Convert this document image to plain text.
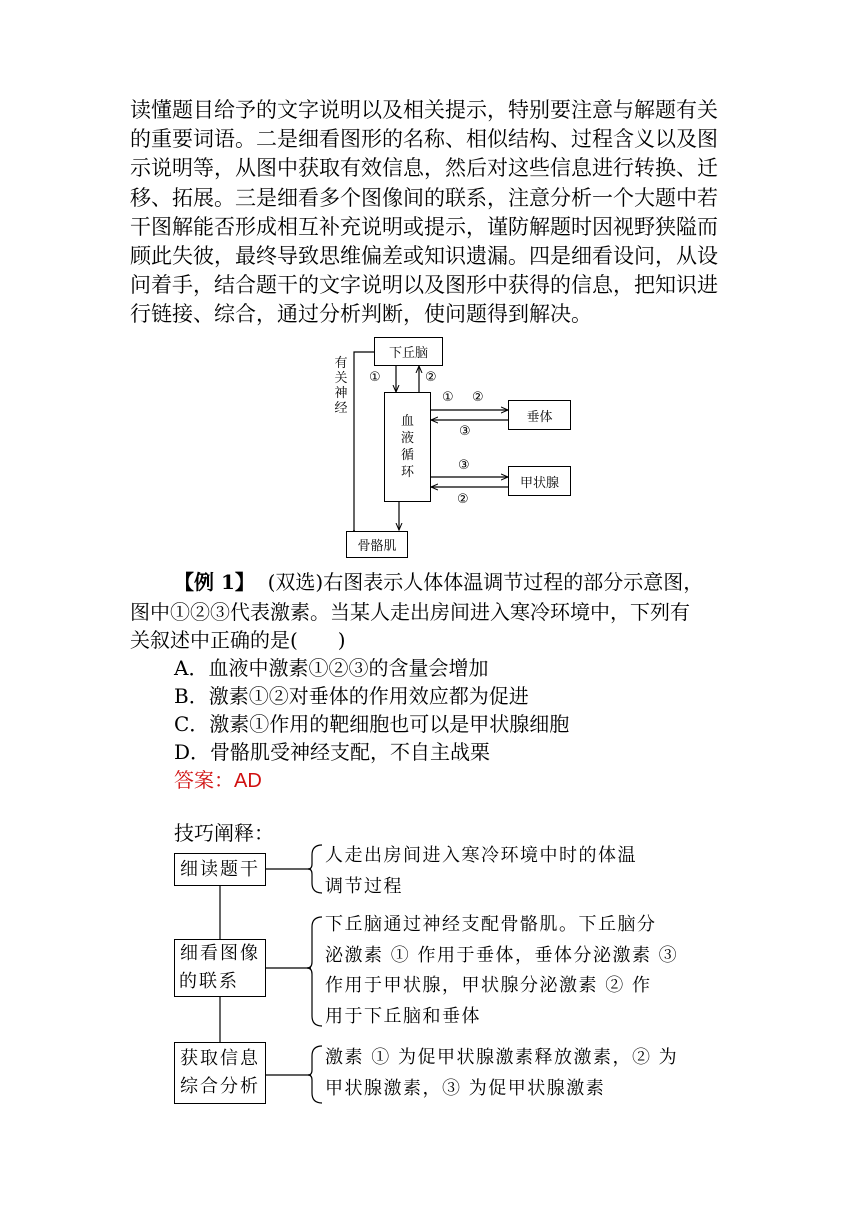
读懂题目给予的文字说明以及相关提示，特别要注意与解题有关
的重要词语。二是细看图形的名称、相似结构、过程含义以及图
示说明等，从图中获取有效信息，然后对这些信息进行转换、迁
移、拓展。三是细看多个图像间的联系，注意分析一个大题中若
干图解能否形成相互补充说明或提示，谨防解题时因视野狭隘而
顾此失彼，最终导致思维偏差或知识遗漏。四是细看设问，从设
问着手，结合题干的文字说明以及图形中获得的信息，把知识进
行链接、综合，通过分析判断，使问题得到解决。
下丘脑
血
液
循
环
垂体
甲状腺
骨骼肌
有
关
神
经
①	②
① ②
③
③
②
【例 1】 (双选)右图表示人体体温调节过程的部分示意图，
图中①②③代表激素。当某人走出房间进入寒冷环境中，下列有
关叙述中正确的是(　　)
A．血液中激素①②③的含量会增加
B．激素①②对垂体的作用效应都为促进
C．激素①作用的靶细胞也可以是甲状腺细胞
D．骨骼肌受神经支配，不自主战栗
答案：AD
技巧阐释：
细读题干
细看图像
的联系
获取信息
综合分析
人走出房间进入寒冷环境中时的体温
调节过程
下丘脑通过神经支配骨骼肌。下丘脑分
泌激素 ① 作用于垂体，垂体分泌激素 ③
作用于甲状腺，甲状腺分泌激素 ② 作
用于下丘脑和垂体
激素 ① 为促甲状腺激素释放激素，② 为
甲状腺激素，③ 为促甲状腺激素
